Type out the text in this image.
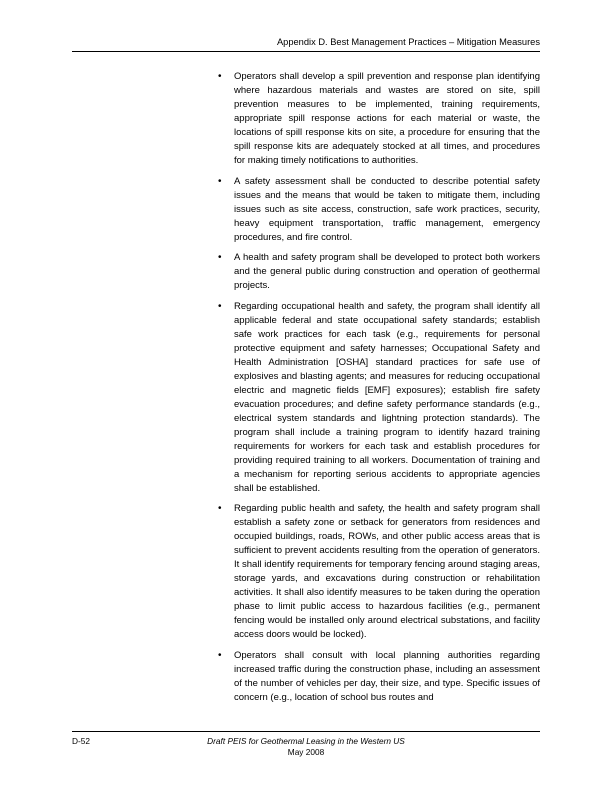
Appendix D. Best Management Practices – Mitigation Measures
• Operators shall develop a spill prevention and response plan identifying where hazardous materials and wastes are stored on site, spill prevention measures to be implemented, training requirements, appropriate spill response actions for each material or waste, the locations of spill response kits on site, a procedure for ensuring that the spill response kits are adequately stocked at all times, and procedures for making timely notifications to authorities.
• A safety assessment shall be conducted to describe potential safety issues and the means that would be taken to mitigate them, including issues such as site access, construction, safe work practices, security, heavy equipment transportation, traffic management, emergency procedures, and fire control.
• A health and safety program shall be developed to protect both workers and the general public during construction and operation of geothermal projects.
• Regarding occupational health and safety, the program shall identify all applicable federal and state occupational safety standards; establish safe work practices for each task (e.g., requirements for personal protective equipment and safety harnesses; Occupational Safety and Health Administration [OSHA] standard practices for safe use of explosives and blasting agents; and measures for reducing occupational electric and magnetic fields [EMF] exposures); establish fire safety evacuation procedures; and define safety performance standards (e.g., electrical system standards and lightning protection standards). The program shall include a training program to identify hazard training requirements for workers for each task and establish procedures for providing required training to all workers. Documentation of training and a mechanism for reporting serious accidents to appropriate agencies shall be established.
• Regarding public health and safety, the health and safety program shall establish a safety zone or setback for generators from residences and occupied buildings, roads, ROWs, and other public access areas that is sufficient to prevent accidents resulting from the operation of generators. It shall identify requirements for temporary fencing around staging areas, storage yards, and excavations during construction or rehabilitation activities. It shall also identify measures to be taken during the operation phase to limit public access to hazardous facilities (e.g., permanent fencing would be installed only around electrical substations, and facility access doors would be locked).
• Operators shall consult with local planning authorities regarding increased traffic during the construction phase, including an assessment of the number of vehicles per day, their size, and type. Specific issues of concern (e.g., location of school bus routes and
D-52	Draft PEIS for Geothermal Leasing in the Western US
May 2008
